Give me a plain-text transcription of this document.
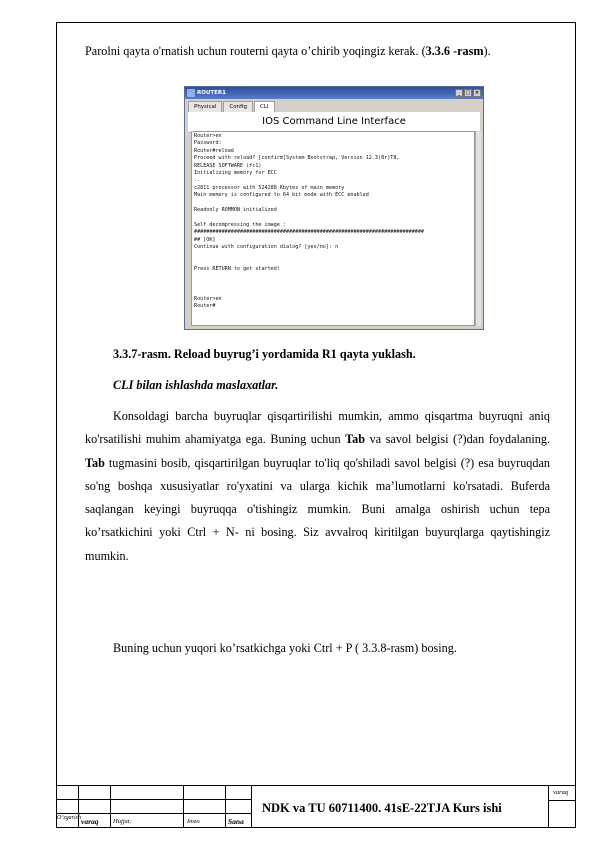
Parolni qayta o'rnatish uchun routerni qayta o’chirib yoqingiz kerak. (3.3.6 -rasm).
ROUTER1	_	□ ×
Physical	Config	CLI
IOS Command Line Interface
Router>en
Password:
Router#reload
Proceed with reload? [confirm]System Bootstrap, Version 12.3(8r)T8,
RELEASE SOFTWARE (fc1)
Initializing memory for ECC
..
c2811 processor with 524288 Kbytes of main memory
Main memory is configured to 64 bit mode with ECC enabled

Readonly ROMMON initialized

Self decompressing the image :
###########################################################################
## [OK]
Continue with configuration dialog? [yes/no]: n

Press RETURN to get started!

Router>en
Router#
3.3.7-rasm. Reload buyrug’i yordamida R1 qayta yuklash.
CLI bilan ishlashda maslaxatlar.
Konsoldagi barcha buyruqlar qisqartirilishi mumkin, ammo qisqartma buyruqni aniq ko'rsatilishi muhim ahamiyatga ega. Buning uchun Tab va savol belgisi (?)dan foydalaning. Tab tugmasini bosib, qisqartirilgan buyruqlar to'liq qo'shiladi savol belgisi (?) esa buyruqdan so'ng boshqa xususiyatlar ro'yxatini va ularga kichik ma’lumotlarni ko'rsatadi. Buferda saqlangan keyingi buyruqqa o'tishingiz mumkin. Buni amalga oshirish uchun tepa ko’rsatkichini yoki Ctrl + N- ni bosing. Siz avvalroq kiritilgan buyurqlarga qaytishingiz mumkin.
Buning uchun yuqori ko’rsatkichga yoki Ctrl + P ( 3.3.8-rasm) bosing.
O’zgarish varaq Hujjat:	Imzo	Sana
varaq
NDK va TU 60711400. 41sE-22TJA Kurs ishi
